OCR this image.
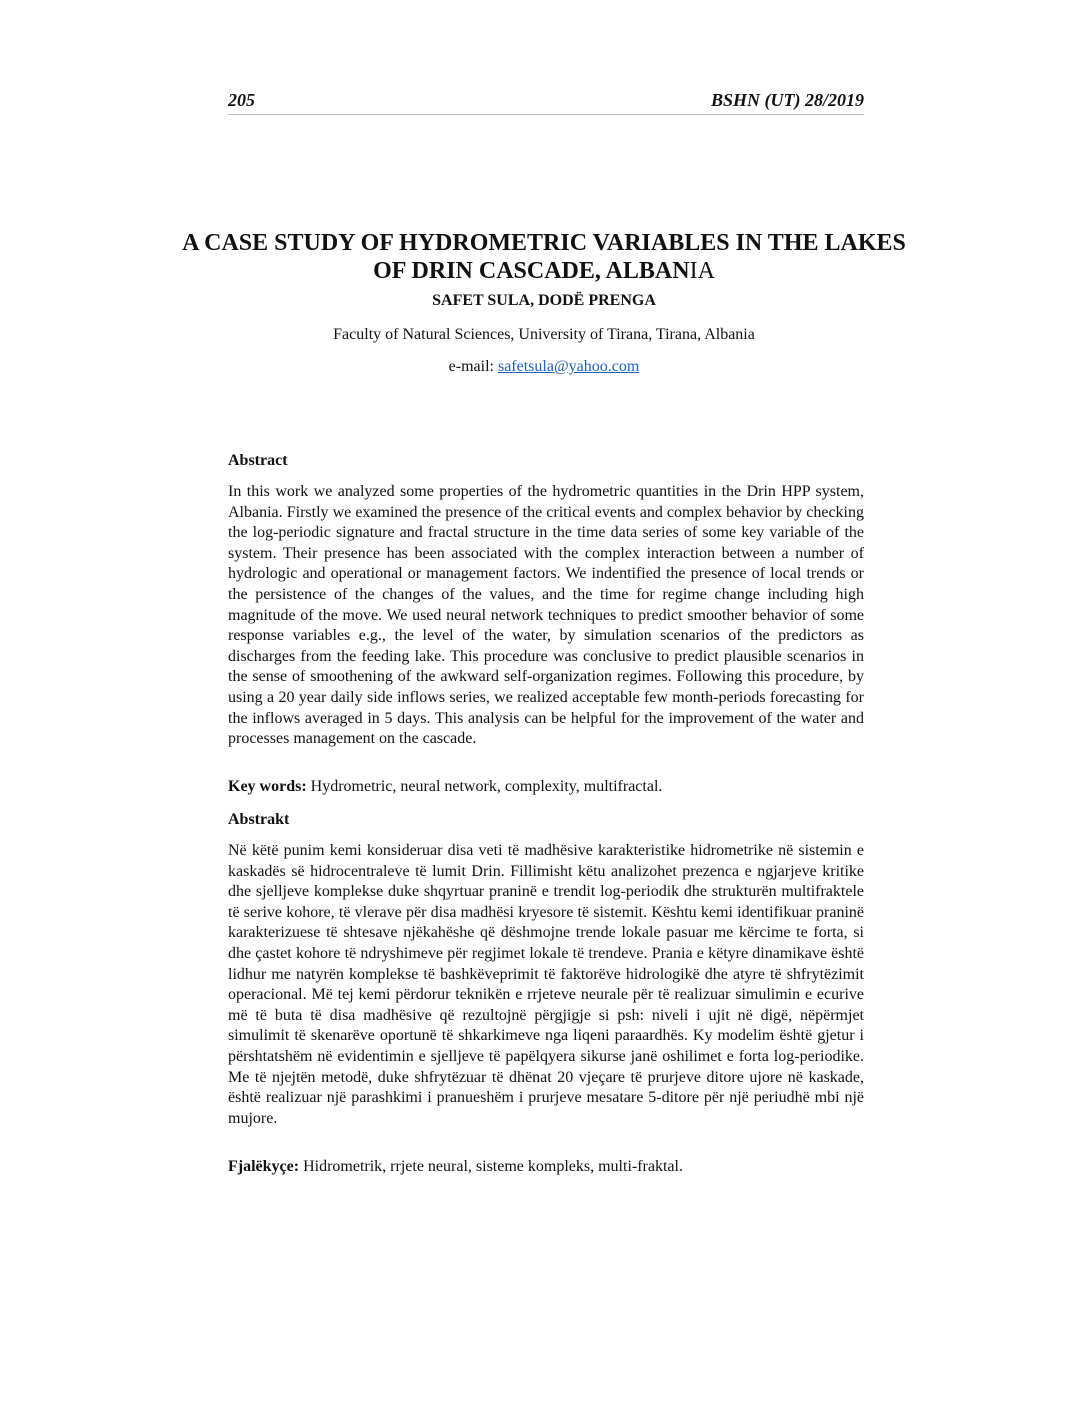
205	BSHN (UT) 28/2019
A CASE STUDY OF HYDROMETRIC VARIABLES IN THE LAKES OF DRIN CASCADE, ALBANIA
SAFET SULA, DODË PRENGA
Faculty of Natural Sciences, University of Tirana, Tirana, Albania
e-mail: safetsula@yahoo.com
Abstract

In this work we analyzed some properties of the hydrometric quantities in the Drin HPP system, Albania. Firstly we examined the presence of the critical events and complex behavior by checking the log-periodic signature and fractal structure in the time data series of some key variable of the system. Their presence has been associated with the complex interaction between a number of hydrologic and operational or management factors. We indentified the presence of local trends or the persistence of the changes of the values, and the time for regime change including high magnitude of the move. We used neural network techniques to predict smoother behavior of some response variables e.g., the level of the water, by simulation scenarios of the predictors as discharges from the feeding lake. This procedure was conclusive to predict plausible scenarios in the sense of smoothening of the awkward self-organization regimes. Following this procedure, by using a 20 year daily side inflows series, we realized acceptable few month-periods forecasting for the inflows averaged in 5 days. This analysis can be helpful for the improvement of the water and processes management on the cascade.

Key words: Hydrometric, neural network, complexity, multifractal.
Abstrakt

Në këtë punim kemi konsideruar disa veti të madhësive karakteristike hidrometrike në sistemin e kaskadës së hidrocentraleve të lumit Drin. Fillimisht këtu analizohet prezenca e ngjarjeve kritike dhe sjelljeve komplekse duke shqyrtuar praninë e trendit log-periodik dhe strukturën multifraktele të serive kohore, të vlerave për disa madhësi kryesore të sistemit. Kështu kemi identifikuar praninë karakterizuese të shtesave njëkahëshe që dëshmojne trende lokale pasuar me kërcime te forta, si dhe çastet kohore të ndryshimeve për regjimet lokale të trendeve. Prania e këtyre dinamikave është lidhur me natyrën komplekse të bashkëveprimit të faktorëve hidrologikë dhe atyre të shfrytëzimit operacional. Më tej kemi përdorur teknikën e rrjeteve neurale për të realizuar simulimin e ecurive më të buta të disa madhësive që rezultojnë përgjigje si psh: niveli i ujit në digë, nëpërmjet simulimit të skenarëve oportunë të shkarkimeve nga liqeni paraardhës. Ky modelim është gjetur i përshtatshëm në evidentimin e sjelljeve të papëlqyera sikurse janë oshilimet e forta log-periodike. Me të njejtën metodë, duke shfrytëzuar të dhënat 20 vjeçare të prurjeve ditore ujore në kaskade, është realizuar një parashkimi i pranueshëm i prurjeve mesatare 5-ditore për një periudhë mbi një mujore.

Fjalëkyçe: Hidrometrik, rrjete neural, sisteme kompleks, multi-fraktal.
